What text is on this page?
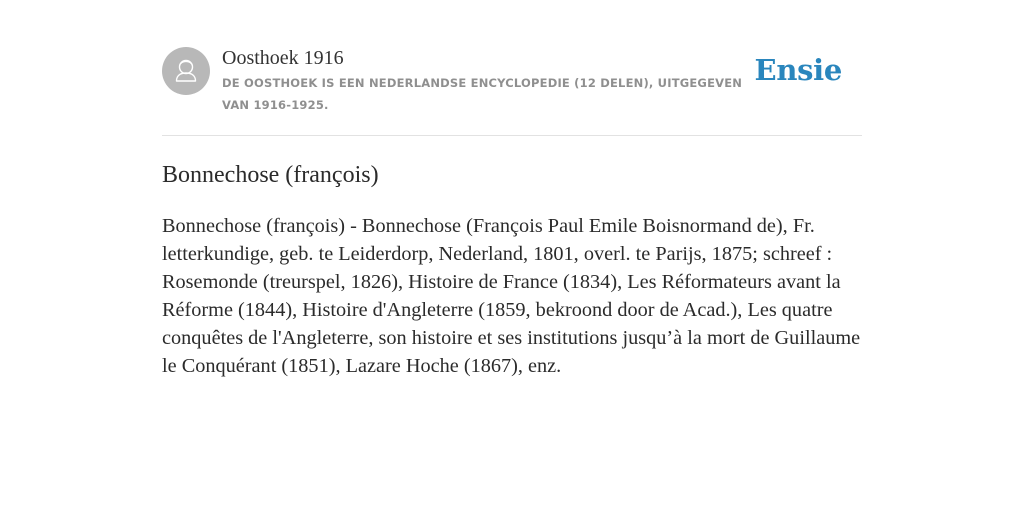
Oosthoek 1916
DE OOSTHOEK IS EEN NEDERLANDSE ENCYCLOPEDIE (12 DELEN), UITGEGEVEN VAN 1916-1925.
Ensie
Bonnechose (françois)

Bonnechose (françois) - Bonnechose (François Paul Emile Boisnormand de), Fr. letterkundige, geb. te Leiderdorp, Nederland, 1801, overl. te Parijs, 1875; schreef : Rosemonde (treurspel, 1826), Histoire de France (1834), Les Réformateurs avant la Réforme (1844), Histoire d'Angleterre (1859, bekroond door de Acad.), Les quatre conquêtes de l'Angleterre, son histoire et ses institutions jusqu’à la mort de Guillaume le Conquérant (1851), Lazare Hoche (1867), enz.
